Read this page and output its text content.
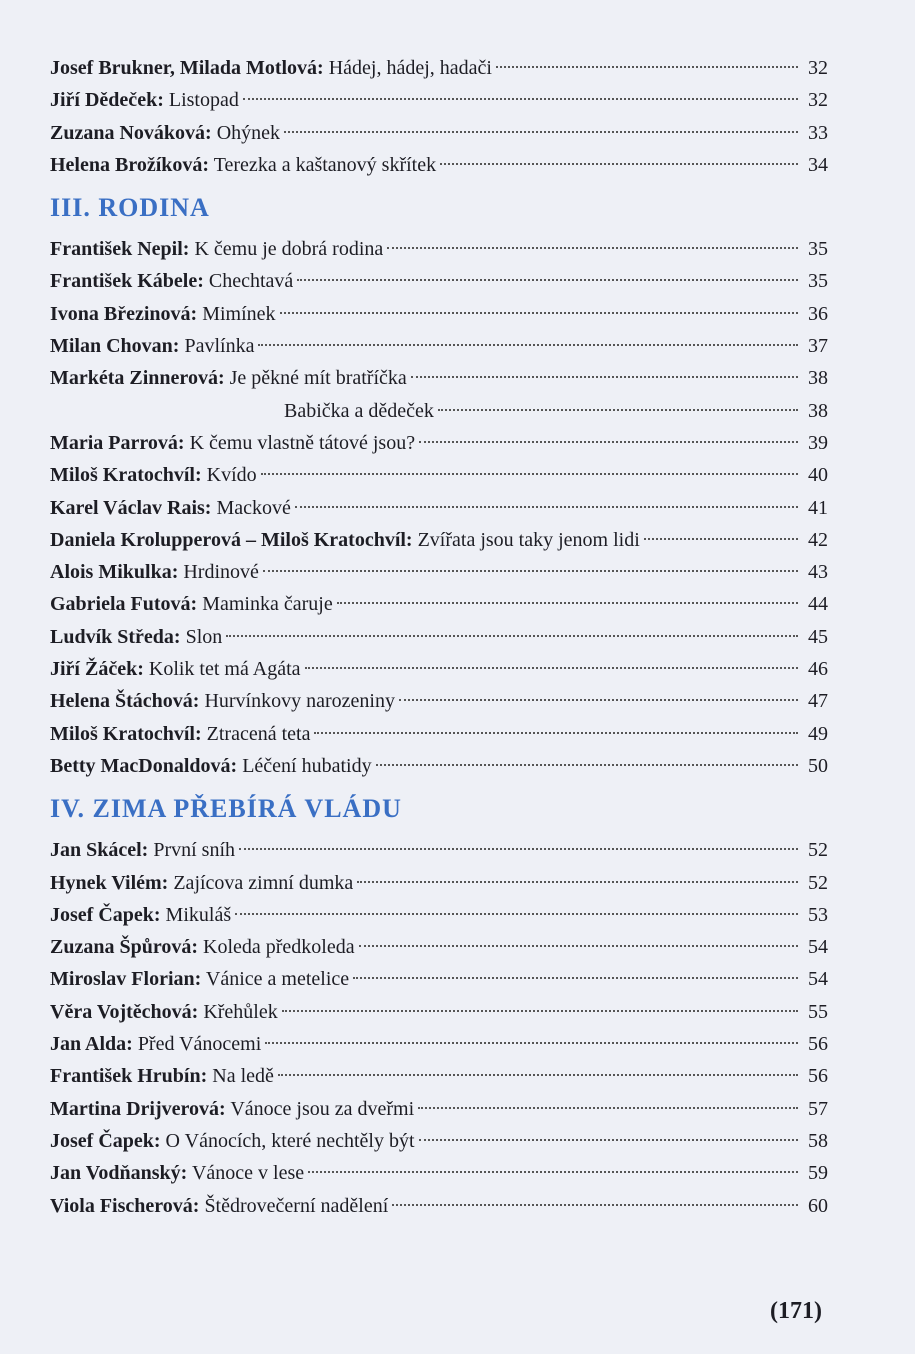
Josef Brukner, Milada Motlová: Hádej, hádej, hadači	32
Jiří Dědeček: Listopad	32
Zuzana Nováková: Ohýnek	33
Helena Brožíková: Terezka a kaštanový skřítek	34
III. RODINA
František Nepil: K čemu je dobrá rodina	35
František Kábele: Chechtavá	35
Ivona Březinová: Mimínek	36
Milan Chovan: Pavlínka	37
Markéta Zinnerová: Je pěkné mít bratříčka	38
Babička a dědeček	38
Maria Parrová: K čemu vlastně tátové jsou?	39
Miloš Kratochvíl: Kvído	40
Karel Václav Rais: Mackové	41
Daniela Krolupperová – Miloš Kratochvíl: Zvířata jsou taky jenom lidi	42
Alois Mikulka: Hrdinové	43
Gabriela Futová: Maminka čaruje	44
Ludvík Středa: Slon	45
Jiří Žáček: Kolik tet má Agáta	46
Helena Štáchová: Hurvínkovy narozeniny	47
Miloš Kratochvíl: Ztracená teta	49
Betty MacDonaldová: Léčení hubatidy	50
IV. ZIMA PŘEBÍRÁ VLÁDU
Jan Skácel: První sníh	52
Hynek Vilém: Zajícova zimní dumka	52
Josef Čapek: Mikuláš	53
Zuzana Špůrová: Koleda předkoleda	54
Miroslav Florian: Vánice a metelice	54
Věra Vojtěchová: Křehůlek	55
Jan Alda: Před Vánocemi	56
František Hrubín: Na ledě	56
Martina Drijverová: Vánoce jsou za dveřmi	57
Josef Čapek: O Vánocích, které nechtěly být	58
Jan Vodňanský: Vánoce v lese	59
Viola Fischerová: Štědrovečerní nadělení	60
(171)
